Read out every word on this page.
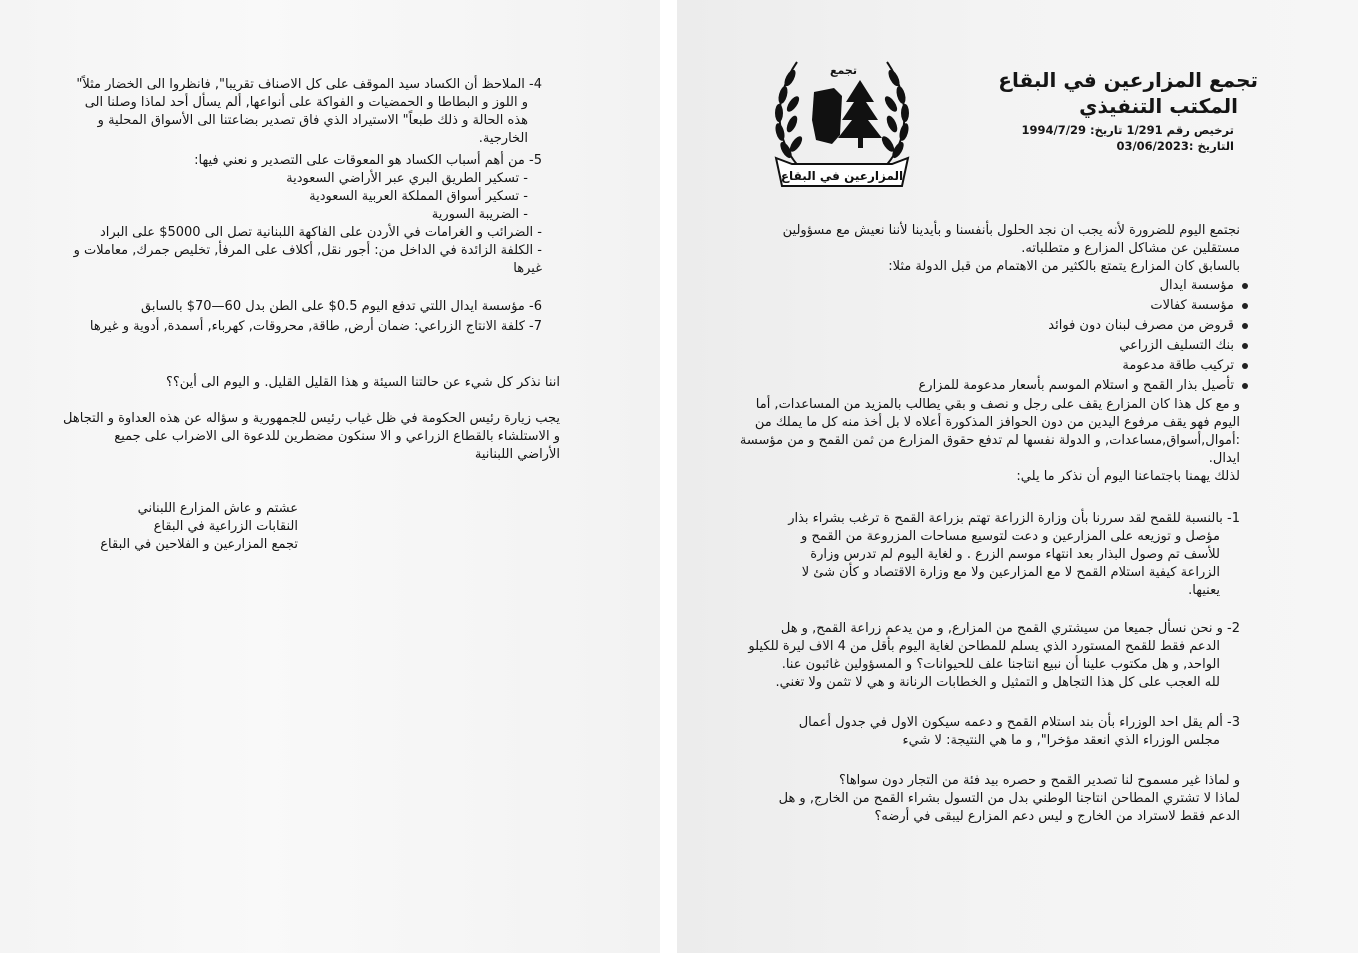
4- الملاحظ أن الكساد سيد الموقف على كل الاصناف تقريبا", فانظروا الى الخضار مثلاً"
و اللوز و البطاطا و الحمضيات و الفواكة على أنواعها, ألم يسأل أحد لماذا وصلنا الى
هذه الحالة و ذلك طبعاً" الاستيراد الذي فاق تصدير بضاعتنا الى الأسواق المحلية و
الخارجية.
5- من أهم أسباب الكساد هو المعوقات على التصدير و نعني فيها:
- تسكير الطريق البري عبر الأراضي السعودية
- تسكير أسواق المملكة العربية السعودية
- الضريبة السورية
- الضرائب و الغرامات في الأردن على الفاكهة اللبنانية تصل الى 5000$ على البراد
- الكلفة الزائدة في الداخل من: أجور نقل, أكلاف على المرفأ, تخليص جمرك, معاملات و
غيرها
6- مؤسسة ايدال اللتي تدفع اليوم 0.5$ على الطن بدل 60—70$ بالسابق
7- كلفة الانتاج الزراعي: ضمان أرض, طاقة, محروقات, كهرباء, أسمدة, أدوية و غيرها
اننا نذكر كل شيء عن حالتنا السيئة و هذا القليل القليل. و اليوم الى أين؟؟
يجب زيارة رئيس الحكومة في ظل غياب رئيس للجمهورية و سؤاله عن هذه العداوة و التجاهل
و الاستلشاء بالقطاع الزراعي و الا سنكون مضطرين للدعوة الى الاضراب على جميع
الأراضي اللبنانية
عشتم و عاش المزارع اللبناني
النقابات الزراعية في البقاع
تجمع المزارعين و الفلاحين في البقاع
تجمع
المزارعين في البقاع
تجمع المزارعين في البقاع
المكتب التنفيذي
ترخيص رقم 1/291 تاريخ: 1994/7/29
التاريخ :03/06/2023
نجتمع اليوم للضرورة لأنه يجب ان نجد الحلول بأنفسنا و بأيدينا لأننا نعيش مع مسؤولين
مستقلين عن مشاكل المزارع و متطلباته.
بالسابق كان المزارع يتمتع بالكثير من الاهتمام من قبل الدولة مثلا:
مؤسسة ايدال
مؤسسة كفالات
قروض من مصرف لبنان دون فوائد
بنك التسليف الزراعي
تركيب طاقة مدعومة
تأصيل بذار القمح و استلام الموسم بأسعار مدعومة للمزارع
و مع كل هذا كان المزارع يقف على رجل و نصف و بقي يطالب بالمزيد من المساعدات, أما
اليوم فهو يقف مرفوع اليدين من دون الحوافز المذكورة أعلاه لا بل أخذ منه كل ما يملك من
:أموال,أسواق,مساعدات, و الدولة نفسها لم تدفع حقوق المزارع من ثمن القمح و من مؤسسة
ايدال.
لذلك يهمنا باجتماعنا اليوم أن نذكر ما يلي:
1- بالنسبة للقمح لقد سررنا بأن وزارة الزراعة تهتم بزراعة القمح ة ترغب بشراء بذار
مؤصل و توزيعه على المزارعين و دعت لتوسيع مساحات المزروعة من القمح و
للأسف تم وصول البذار بعد انتهاء موسم الزرع . و لغاية اليوم لم تدرس وزارة
الزراعة كيفية استلام القمح لا مع المزارعين ولا مع وزارة الاقتصاد و كأن شئ لا
يعنيها.
2- و نحن نسأل جميعا من سيشتري القمح من المزارع, و من يدعم زراعة القمح, و هل
الدعم فقط للقمح المستورد الذي يسلم للمطاحن لغاية اليوم بأقل من 4 الاف ليرة للكيلو
الواحد, و هل مكتوب علينا أن نبيع انتاجنا علف للحيوانات؟ و المسؤولين غائبون عنا.
لله العجب على كل هذا التجاهل و التمثيل و الخطابات الرنانة و هي لا تثمن ولا تغني.
3- ألم يقل احد الوزراء بأن بند استلام القمح و دعمه سيكون الاول في جدول أعمال
مجلس الوزراء الذي انعقد مؤخرا", و ما هي النتيجة: لا شيء
و لماذا غير مسموح لنا تصدير القمح و حصره بيد فئة من التجار دون سواها؟
لماذا لا تشتري المطاحن انتاجنا الوطني بدل من التسول بشراء القمح من الخارج, و هل
الدعم فقط لاستراد من الخارج و ليس دعم المزارع ليبقى في أرضه؟
